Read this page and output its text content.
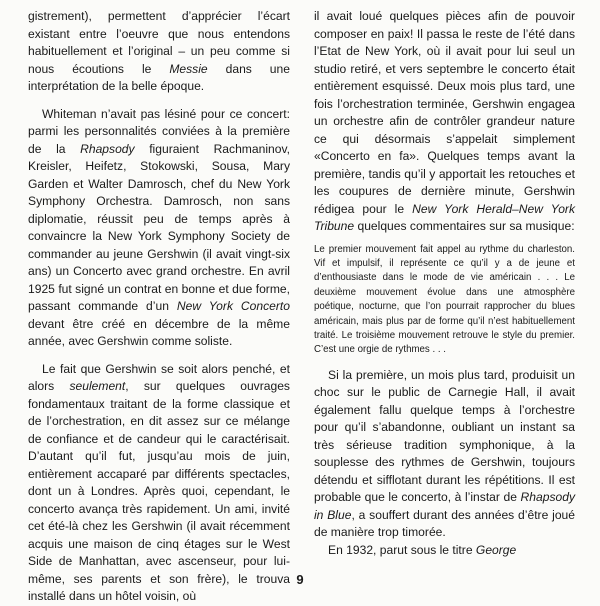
gistrement), permettent d’apprécier l’écart existant entre l’oeuvre que nous entendons habituellement et l’original – un peu comme si nous écoutions le Messie dans une interprétation de la belle époque.

Whiteman n’avait pas lésiné pour ce concert: parmi les personnalités conviées à la première de la Rhapsody figuraient Rachmaninov, Kreisler, Heifetz, Stokowski, Sousa, Mary Garden et Walter Damrosch, chef du New York Symphony Orchestra. Damrosch, non sans diplomatie, réussit peu de temps après à convaincre la New York Symphony Society de commander au jeune Gershwin (il avait vingt-six ans) un Concerto avec grand orchestre. En avril 1925 fut signé un contrat en bonne et due forme, passant commande d’un New York Concerto devant être créé en décembre de la même année, avec Gershwin comme soliste.

Le fait que Gershwin se soit alors penché, et alors seulement, sur quelques ouvrages fondamentaux traitant de la forme classique et de l’orchestration, en dit assez sur ce mélange de confiance et de candeur qui le caractérisait. D’autant qu’il fut, jusqu’au mois de juin, entièrement accaparé par différents spectacles, dont un à Londres. Après quoi, cependant, le concerto avança très rapidement. Un ami, invité cet été-là chez les Gershwin (il avait récemment acquis une maison de cinq étages sur le West Side de Manhattan, avec ascenseur, pour lui-même, ses parents et son frère), le trouva installé dans un hôtel voisin, où

il avait loué quelques pièces afin de pouvoir composer en paix! Il passa le reste de l’été dans l’Etat de New York, où il avait pour lui seul un studio retiré, et vers septembre le concerto était entièrement esquissé. Deux mois plus tard, une fois l’orchestration terminée, Gershwin engagea un orchestre afin de contrôler grandeur nature ce qui désormais s’appelait simplement «Concerto en fa». Quelques temps avant la première, tandis qu’il y apportait les retouches et les coupures de dernière minute, Gershwin rédigea pour le New York Herald–New York Tribune quelques commentaires sur sa musique:

Le premier mouvement fait appel au rythme du charleston. Vif et impulsif, il représente ce qu’il y a de jeune et d’enthousiaste dans le mode de vie américain . . . Le deuxième mouvement évolue dans une atmosphère poétique, nocturne, que l’on pourrait rapprocher du blues américain, mais plus par de forme qu’il n’est habituellement traité. Le troisième mouvement retrouve le style du premier. C’est une orgie de rythmes . . .

Si la première, un mois plus tard, produisit un choc sur le public de Carnegie Hall, il avait également fallu quelque temps à l’orchestre pour qu’il s’abandonne, oubliant un instant sa très sérieuse tradition symphonique, à la souplesse des rythmes de Gershwin, toujours détendu et sifflotant durant les répétitions. Il est probable que le concerto, à l’instar de Rhapsody in Blue, a souffert durant des années d’être joué de manière trop timorée.

En 1932, parut sous le titre George

9
